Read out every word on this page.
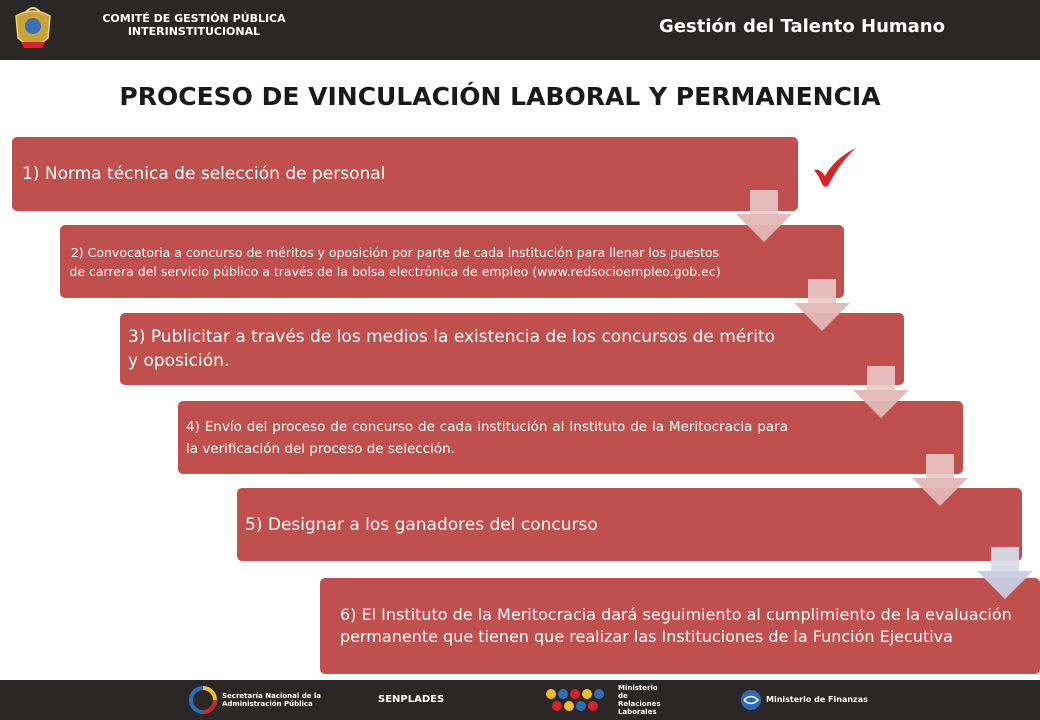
COMITÉ DE GESTIÓN PÚBLICA
INTERINSTITUCIONAL	Gestión del Talento Humano
PROCESO DE VINCULACIÓN LABORAL Y PERMANENCIA
1) Norma técnica de selección de personal
2) Convocatoria a concurso de méritos y oposición por parte de cada institución para llenar los puestos de carrera del servicio público a través de la bolsa electrónica de empleo (www.redsocioempleo.gob.ec)
3) Publicitar a través de los medios la existencia de los concursos de mérito y oposición.
4) Envío del proceso de concurso de cada institución al Instituto de la Meritocracia para la verificación del proceso de selección.
5) Designar a los ganadores del concurso
6) El Instituto de la Meritocracia dará seguimiento al cumplimiento de la evaluación permanente que tienen que realizar las Instituciones de la Función Ejecutiva
Secretaría Nacional de la
Administración Pública	SENPLADES
Ministerio
de
Relaciones
Laborales
Ministerio de Finanzas
